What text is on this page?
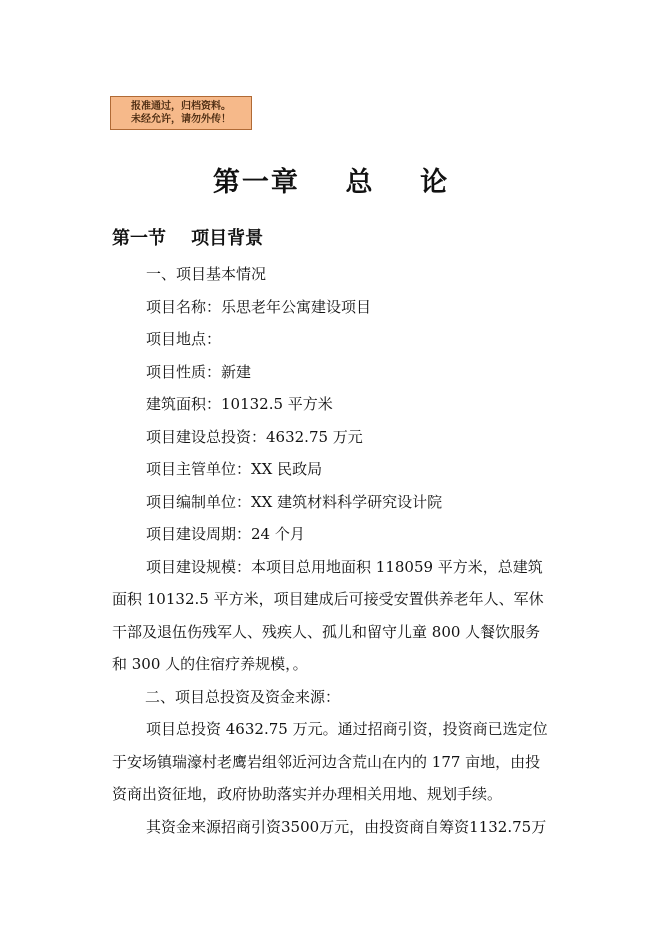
报准通过，归档资料。
未经允许，请勿外传！
第一章    总    论
第一节    项目背景
一、项目基本情况
项目名称：乐思老年公寓建设项目
项目地点：
项目性质：新建
建筑面积：10132.5 平方米
项目建设总投资：4632.75 万元
项目主管单位：XX 民政局
项目编制单位：XX 建筑材料科学研究设计院
项目建设周期：24 个月
项目建设规模：本项目总用地面积 118059 平方米，总建筑
面积 10132.5 平方米，项目建成后可接受安置供养老年人、军休
干部及退伍伤残军人、残疾人、孤儿和留守儿童 800 人餐饮服务
和 300 人的住宿疗养规模，。
二、项目总投资及资金来源：
项目总投资 4632.75 万元。通过招商引资，投资商已选定位
于安场镇瑞濠村老鹰岩组邻近河边含荒山在内的 177 亩地，由投
资商出资征地，政府协助落实并办理相关用地、规划手续。
其资金来源招商引资3500万元，由投资商自筹资1132.75万
